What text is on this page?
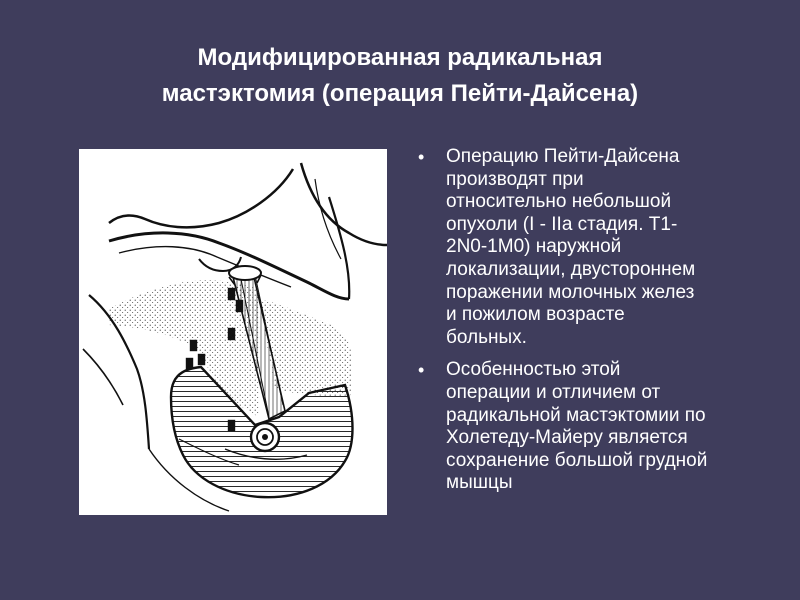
Модифицированная радикальная
мастэктомия (операция Пейти-Дайсена)
•	Операцию Пейти-Дайсена
производят при
относительно небольшой
опухоли (I - IIa стадия. T1-
2N0-1M0) наружной
локализации, двустороннем
поражении молочных желез
и пожилом возрасте
больных.
•	Особенностью этой
операции и отличием от
радикальной мастэктомии по
Холетеду-Майеру является
сохранение большой грудной
мышцы
